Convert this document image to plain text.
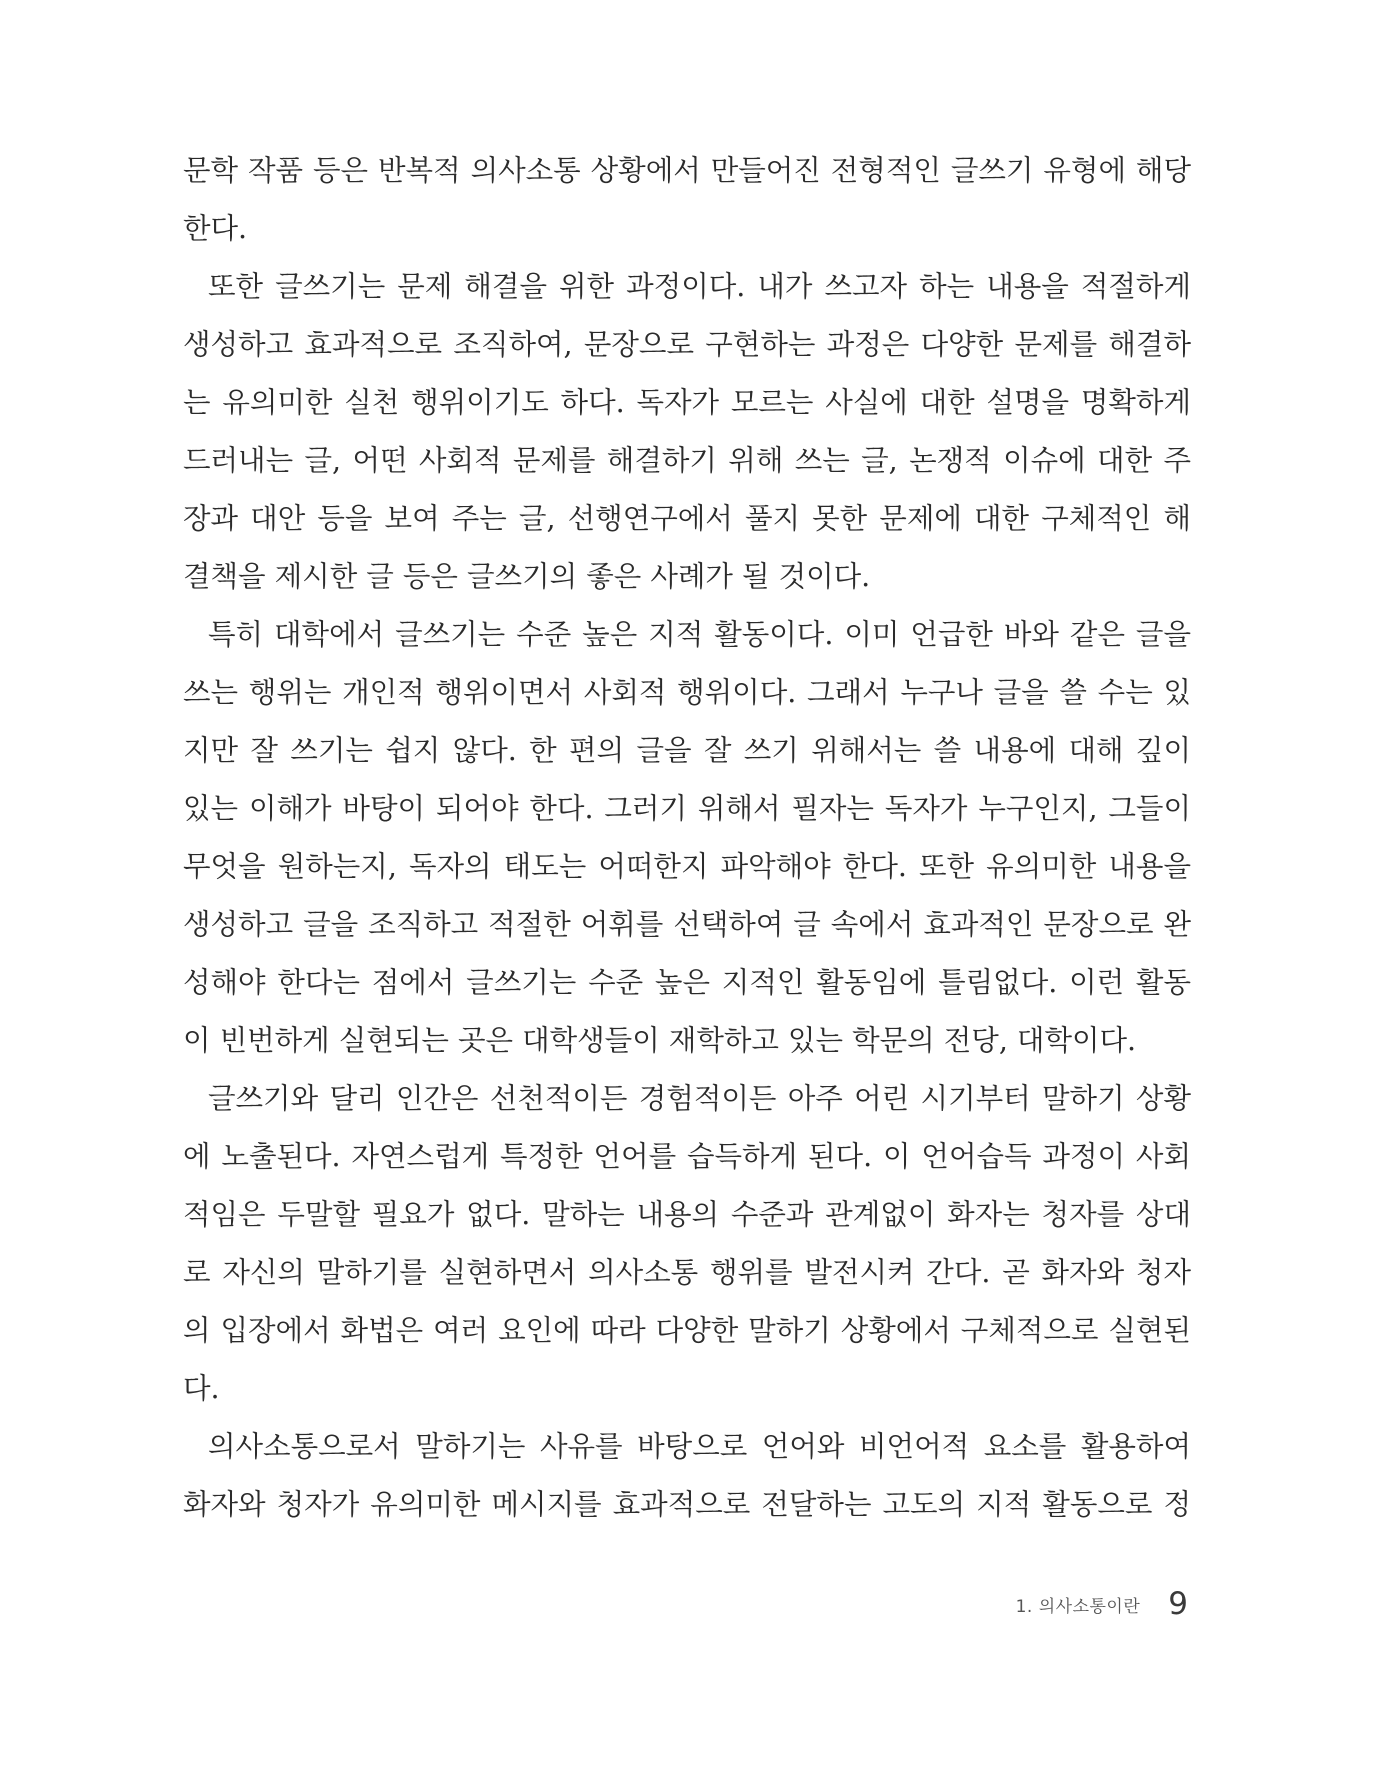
문학 작품 등은 반복적 의사소통 상황에서 만들어진 전형적인 글쓰기 유형에 해당
한다.
또한 글쓰기는 문제 해결을 위한 과정이다. 내가 쓰고자 하는 내용을 적절하게
생성하고 효과적으로 조직하여, 문장으로 구현하는 과정은 다양한 문제를 해결하
는 유의미한 실천 행위이기도 하다. 독자가 모르는 사실에 대한 설명을 명확하게
드러내는 글, 어떤 사회적 문제를 해결하기 위해 쓰는 글, 논쟁적 이슈에 대한 주
장과 대안 등을 보여 주는 글, 선행연구에서 풀지 못한 문제에 대한 구체적인 해
결책을 제시한 글 등은 글쓰기의 좋은 사례가 될 것이다.
특히 대학에서 글쓰기는 수준 높은 지적 활동이다. 이미 언급한 바와 같은 글을
쓰는 행위는 개인적 행위이면서 사회적 행위이다. 그래서 누구나 글을 쓸 수는 있
지만 잘 쓰기는 쉽지 않다. 한 편의 글을 잘 쓰기 위해서는 쓸 내용에 대해 깊이
있는 이해가 바탕이 되어야 한다. 그러기 위해서 필자는 독자가 누구인지, 그들이
무엇을 원하는지, 독자의 태도는 어떠한지 파악해야 한다. 또한 유의미한 내용을
생성하고 글을 조직하고 적절한 어휘를 선택하여 글 속에서 효과적인 문장으로 완
성해야 한다는 점에서 글쓰기는 수준 높은 지적인 활동임에 틀림없다. 이런 활동
이 빈번하게 실현되는 곳은 대학생들이 재학하고 있는 학문의 전당, 대학이다.
글쓰기와 달리 인간은 선천적이든 경험적이든 아주 어린 시기부터 말하기 상황
에 노출된다. 자연스럽게 특정한 언어를 습득하게 된다. 이 언어습득 과정이 사회
적임은 두말할 필요가 없다. 말하는 내용의 수준과 관계없이 화자는 청자를 상대
로 자신의 말하기를 실현하면서 의사소통 행위를 발전시켜 간다. 곧 화자와 청자
의 입장에서 화법은 여러 요인에 따라 다양한 말하기 상황에서 구체적으로 실현된
다.
의사소통으로서 말하기는 사유를 바탕으로 언어와 비언어적 요소를 활용하여
화자와 청자가 유의미한 메시지를 효과적으로 전달하는 고도의 지적 활동으로 정
1. 의사소통이란 9
